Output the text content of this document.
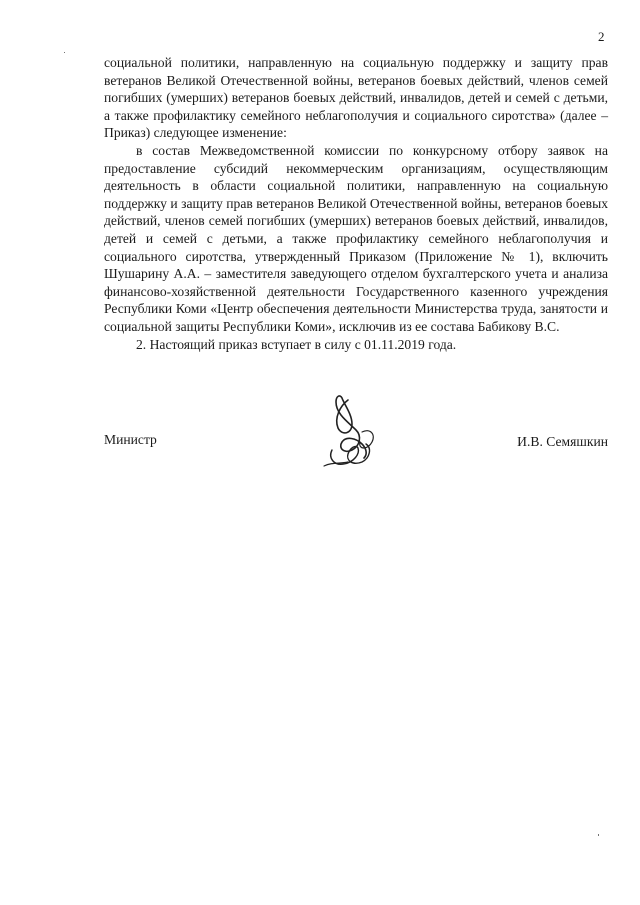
2

социальной политики, направленную на социальную поддержку и защиту прав ветеранов Великой Отечественной войны, ветеранов боевых действий, членов семей погибших (умерших) ветеранов боевых действий, инвалидов, детей и семей с детьми, а также профилактику семейного неблагополучия и социального сиротства» (далее – Приказ) следующее изменение:

в состав Межведомственной комиссии по конкурсному отбору заявок на предоставление субсидий некоммерческим организациям, осуществляющим деятельность в области социальной политики, направленную на социальную поддержку и защиту прав ветеранов Великой Отечественной войны, ветеранов боевых действий, членов семей погибших (умерших) ветеранов боевых действий, инвалидов, детей и семей с детьми, а также профилактику семейного неблагополучия и социального сиротства, утвержденный Приказом (Приложение № 1), включить Шушарину А.А. – заместителя заведующего отделом бухгалтерского учета и анализа финансово-хозяйственной деятельности Государственного казенного учреждения Республики Коми «Центр обеспечения деятельности Министерства труда, занятости и социальной защиты Республики Коми», исключив из ее состава Бабикову В.С.

2. Настоящий приказ вступает в силу с 01.11.2019 года.

Министр	И.В. Семяшкин
